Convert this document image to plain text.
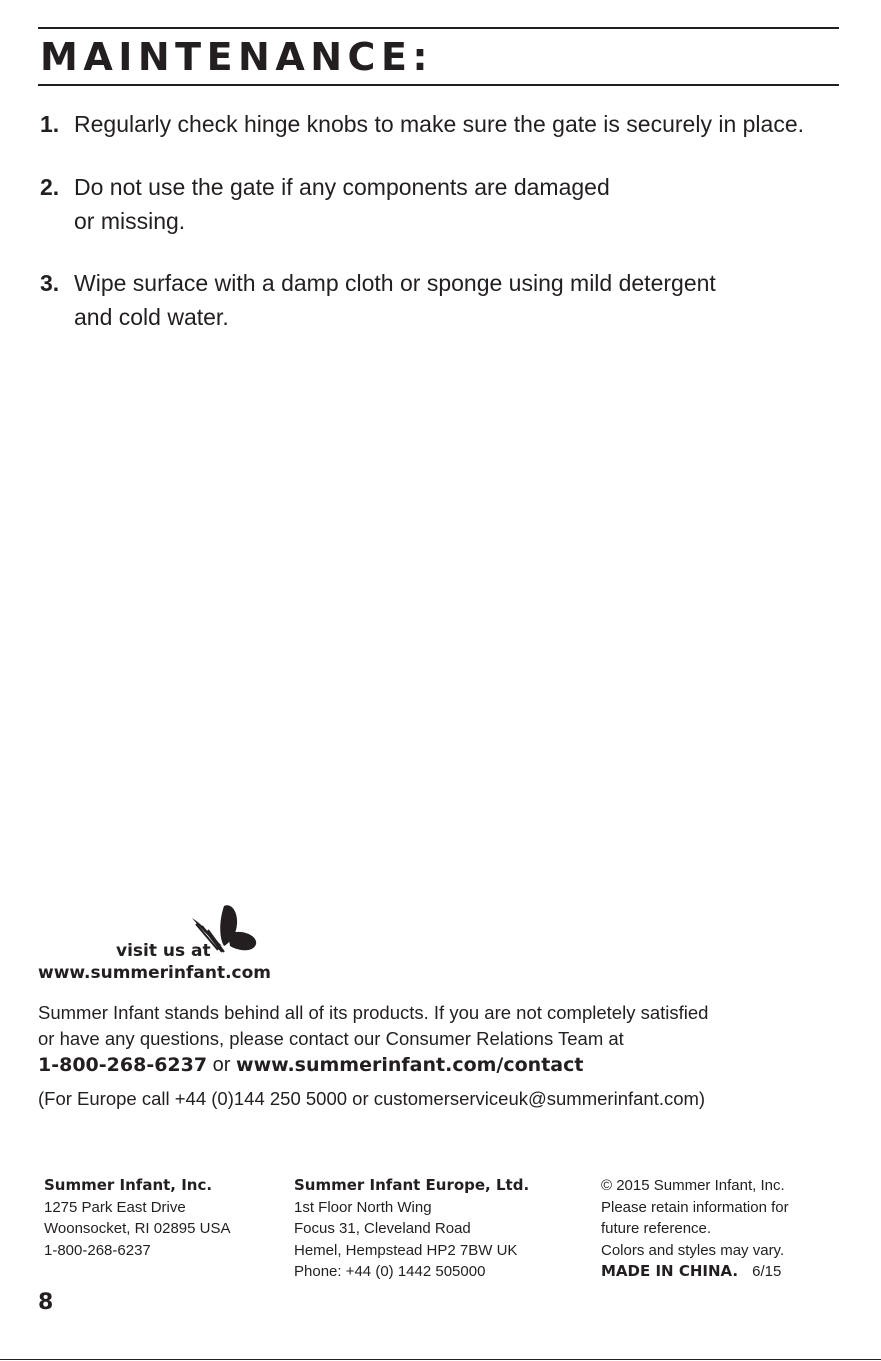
MAINTENANCE:
1. Regularly check hinge knobs to make sure the gate is securely in place.
2. Do not use the gate if any components are damaged
or missing.
3. Wipe surface with a damp cloth or sponge using mild detergent
and cold water.
visit us at
www.summerinfant.com
Summer Infant stands behind all of its products. If you are not completely satisfied
or have any questions, please contact our Consumer Relations Team at
1-800-268-6237 or www.summerinfant.com/contact
(For Europe call +44 (0)144 250 5000 or customerserviceuk@summerinfant.com)
Summer Infant, Inc.
1275 Park East Drive
Woonsocket, RI 02895 USA
1-800-268-6237
Summer Infant Europe, Ltd.
1st Floor North Wing
Focus 31, Cleveland Road
Hemel, Hempstead HP2 7BW UK
Phone: +44 (0) 1442 505000
© 2015 Summer Infant, Inc.
Please retain information for
future reference.
Colors and styles may vary.
MADE IN CHINA. 6/15
8
